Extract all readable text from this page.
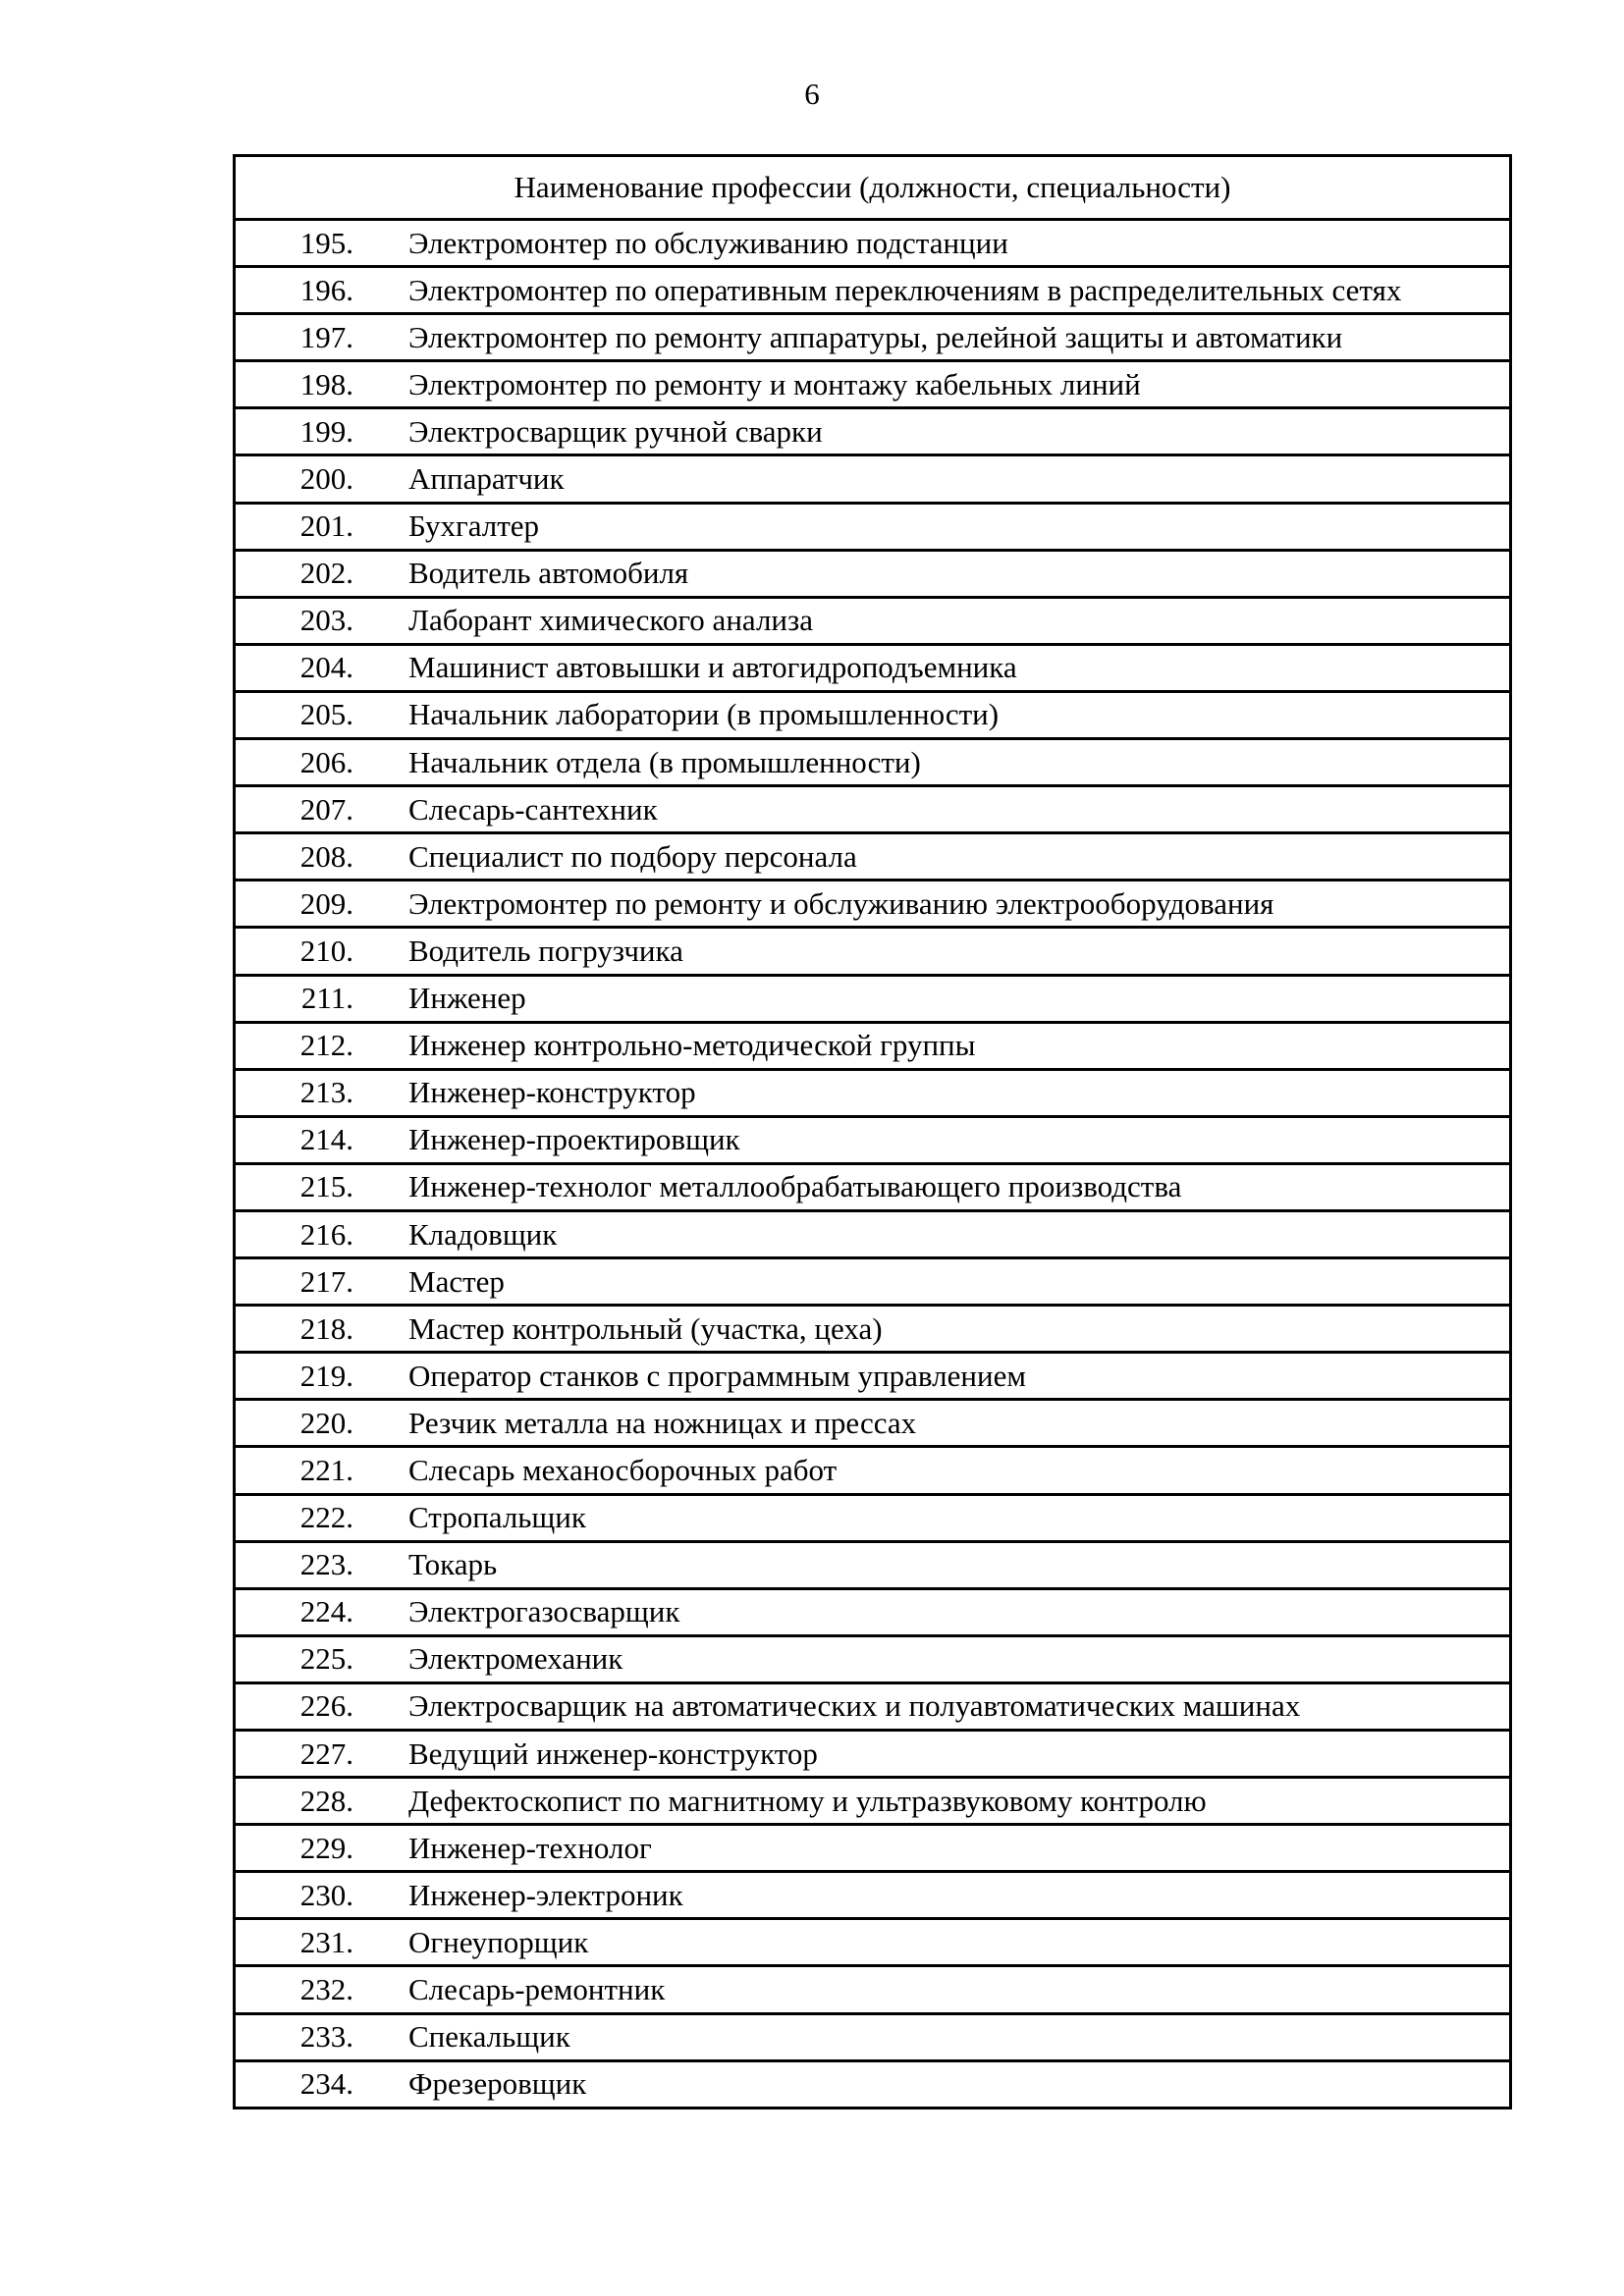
6
Наименование профессии (должности, специальности)
195.	Электромонтер по обслуживанию подстанции
196.	Электромонтер по оперативным переключениям в распределительных сетях
197.	Электромонтер по ремонту аппаратуры, релейной защиты и автоматики
198.	Электромонтер по ремонту и монтажу кабельных линий
199.	Электросварщик ручной сварки
200.	Аппаратчик
201.	Бухгалтер
202.	Водитель автомобиля
203.	Лаборант химического анализа
204.	Машинист автовышки и автогидроподъемника
205.	Начальник лаборатории (в промышленности)
206.	Начальник отдела (в промышленности)
207.	Слесарь-сантехник
208.	Специалист по подбору персонала
209.	Электромонтер по ремонту и обслуживанию электрооборудования
210.	Водитель погрузчика
211.	Инженер
212.	Инженер контрольно-методической группы
213.	Инженер-конструктор
214.	Инженер-проектировщик
215.	Инженер-технолог металлообрабатывающего производства
216.	Кладовщик
217.	Мастер
218.	Мастер контрольный (участка, цеха)
219.	Оператор станков с программным управлением
220.	Резчик металла на ножницах и прессах
221.	Слесарь механосборочных работ
222.	Стропальщик
223.	Токарь
224.	Электрогазосварщик
225.	Электромеханик
226.	Электросварщик на автоматических и полуавтоматических машинах
227.	Ведущий инженер-конструктор
228.	Дефектоскопист по магнитному и ультразвуковому контролю
229.	Инженер-технолог
230.	Инженер-электроник
231.	Огнеупорщик
232.	Слесарь-ремонтник
233.	Спекальщик
234.	Фрезеровщик
